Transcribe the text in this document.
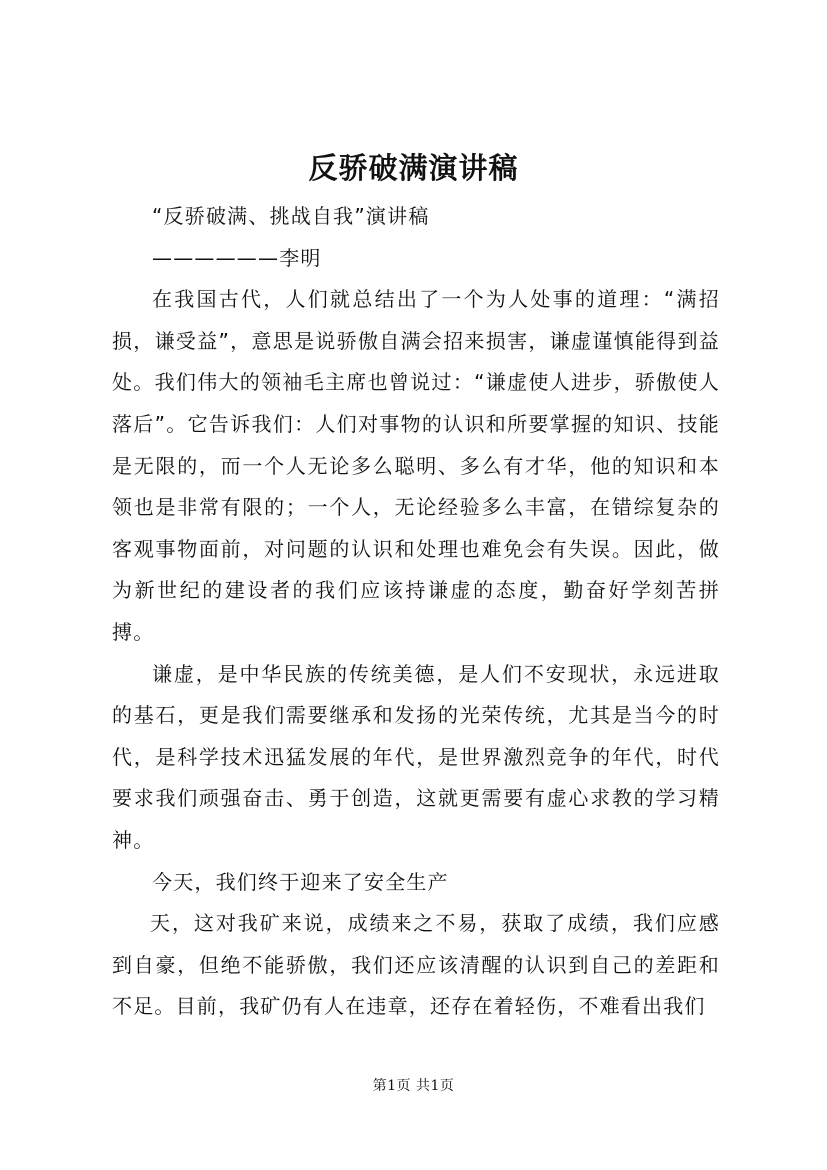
反骄破满演讲稿

“反骄破满、挑战自我”演讲稿

——————李明

在我国古代，人们就总结出了一个为人处事的道理：“满招损，谦受益”，意思是说骄傲自满会招来损害，谦虚谨慎能得到益处。我们伟大的领袖毛主席也曾说过：“谦虚使人进步，骄傲使人落后”。它告诉我们：人们对事物的认识和所要掌握的知识、技能是无限的，而一个人无论多么聪明、多么有才华，他的知识和本领也是非常有限的；一个人，无论经验多么丰富，在错综复杂的客观事物面前，对问题的认识和处理也难免会有失误。因此，做为新世纪的建设者的我们应该持谦虚的态度，勤奋好学刻苦拼搏。

谦虚，是中华民族的传统美德，是人们不安现状，永远进取的基石，更是我们需要继承和发扬的光荣传统，尤其是当今的时代，是科学技术迅猛发展的年代，是世界激烈竞争的年代，时代要求我们顽强奋击、勇于创造，这就更需要有虚心求教的学习精神。

今天，我们终于迎来了安全生产

天，这对我矿来说，成绩来之不易，获取了成绩，我们应感到自豪，但绝不能骄傲，我们还应该清醒的认识到自己的差距和不足。目前，我矿仍有人在违章，还存在着轻伤，不难看出我们

第1页 共1页
